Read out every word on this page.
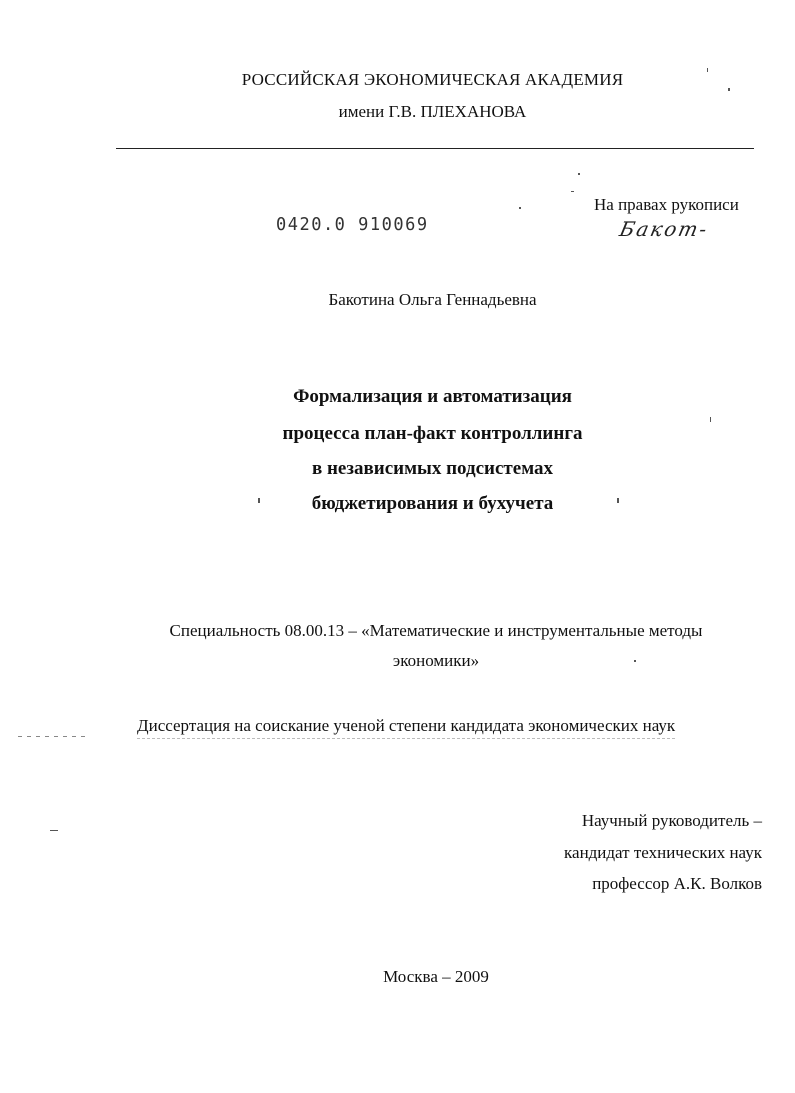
РОССИЙСКАЯ ЭКОНОМИЧЕСКАЯ АКАДЕМИЯ
имени Г.В. ПЛЕХАНОВА
0420.0 910069
На правах рукописи
Бакот-
Бакотина Ольга Геннадьевна
Формализация и автоматизация
процесса план-факт контроллинга
в независимых подсистемах
бюджетирования и бухучета
Специальность 08.00.13 – «Математические и инструментальные методы
экономики»
Диссертация на соискание ученой степени кандидата экономических наук
Научный руководитель –
кандидат технических наук
профессор А.К. Волков
Москва – 2009
